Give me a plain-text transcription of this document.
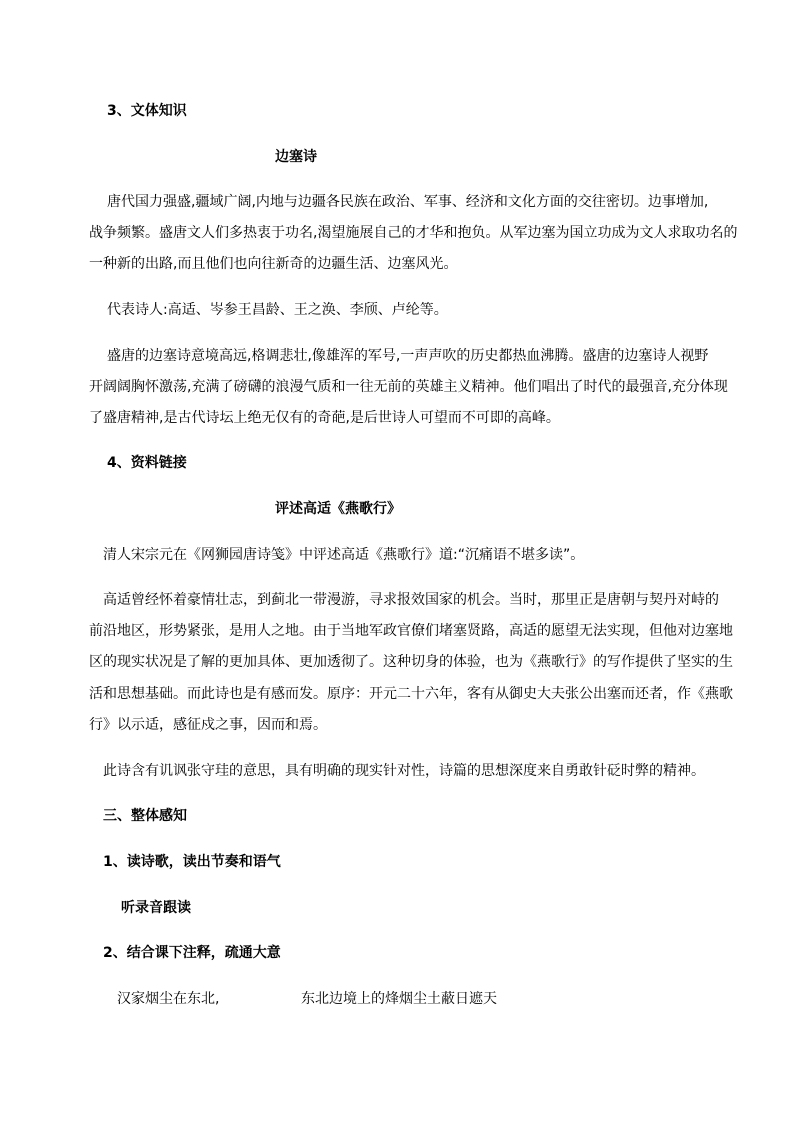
3、文体知识
边塞诗
唐代国力强盛,疆域广阔,内地与边疆各民族在政治、军事、经济和文化方面的交往密切。边事增加,
战争频繁。盛唐文人们多热衷于功名,渴望施展自己的才华和抱负。从军边塞为国立功成为文人求取功名的
一种新的出路,而且他们也向往新奇的边疆生活、边塞风光。
代表诗人:高适、岑参王昌龄、王之涣、李颀、卢纶等。
盛唐的边塞诗意境高远,格调悲壮,像雄浑的军号,一声声吹的历史都热血沸腾。盛唐的边塞诗人视野
开阔阔胸怀激荡,充满了磅礴的浪漫气质和一往无前的英雄主义精神。他们唱出了时代的最强音,充分体现
了盛唐精神,是古代诗坛上绝无仅有的奇葩,是后世诗人可望而不可即的高峰。
4、资料链接
评述高适《燕歌行》
清人宋宗元在《网狮园唐诗笺》中评述高适《燕歌行》道:“沉痛语不堪多读”。
高适曾经怀着豪情壮志，到蓟北一带漫游，寻求报效国家的机会。当时，那里正是唐朝与契丹对峙的
前沿地区，形势紧张，是用人之地。由于当地军政官僚们堵塞贤路，高适的愿望无法实现，但他对边塞地
区的现实状况是了解的更加具体、更加透彻了。这种切身的体验，也为《燕歌行》的写作提供了坚实的生
活和思想基础。而此诗也是有感而发。原序：开元二十六年，客有从御史大夫张公出塞而还者，作《燕歌
行》以示适，感征戍之事，因而和焉。
此诗含有讥讽张守珪的意思，具有明确的现实针对性，诗篇的思想深度来自勇敢针砭时弊的精神。
三、整体感知
1、读诗歌，读出节奏和语气
听录音跟读
2、结合课下注释，疏通大意
汉家烟尘在东北,	东北边境上的烽烟尘土蔽日遮天
